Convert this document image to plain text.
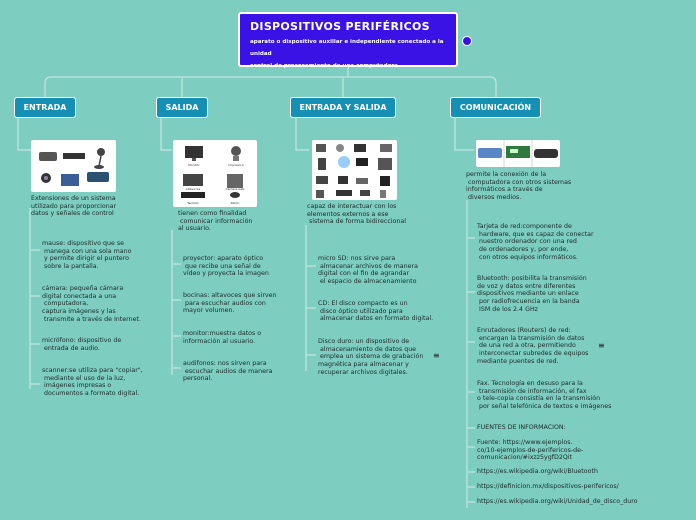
DISPOSITIVOS PERIFÉRICOS
aparato o dispositivo auxiliar e independiente conectado a la unidad
central de procesamiento de una computadora.
ENTRADA	SALIDA	ENTRADA Y SALIDA	COMUNICACIÓN
Monitor	Impresora
Altavoces	Cámara web
Teclado	Ratón
Extensiones de un sistema
utilizado para proporcionar
datos y señales de control
mause: dispositivo que se
manega con una sola mano
y permite dirigir el puntero
sobre la pantalla.
cámara: pequeña cámara
digital conectada a una
computadora,
captura imágenes y las
transmite a través de Internet.
micrófono: dispositivo de
entrada de audio.
scanner:se utiliza para "copiar",
mediante el uso de la luz,
imágenes impresas o
documentos a formato digital.
tienen como finalidad
comunicar información
al usuario.
proyector: aparato óptico
que recibe una señal de
vídeo y proyecta la imagen
bocinas: altavoces que sirven
para escuchar audios con
mayor volumen.
monitor:muestra datos o
información al usuario.
audifonos: nos sirven para
escuchar audios de manera
personal.
capaz de interactuar con los
elementos externos a ese
sistema de forma bidireccional
micro SD: nos sirve para
almacenar archivos de manera
digital con el fin de agrandar
el espacio de almacenamiento
CD: El disco compacto es un
disco óptico utilizado para
almacenar datos en formato digital.
Disco duro: un dispositivo de
almacenamiento de datos que
emplea un sistema de grabación
magnética para almacenar y
recuperar archivos digitales.
≡
permite la conexión de la
computadora con otros sistemas
informáticos a través de
diversos medios.
Tarjeta de red:componente de
hardware, que es capaz de conectar
nuestro ordenador con una red
de ordenadores y, por ende,
con otros equipos informáticos.
Bluetooth: posibilita la transmisión
de voz y datos entre diferentes
dispositivos mediante un enlace
por radiofrecuencia en la banda
ISM de los 2.4 GHz
Enrutadores (Routers) de red:
encargan la transmisión de datos
de una red a otra, permitiendo
interconectar subredes de equipos
mediante puentes de red.
Fax. Tecnología en desuso para la
transmisión de información, el fax
o tele-copia consistía en la transmisión
por señal telefónica de textos e imágenes
≡
FUENTES DE INFORMACION:
Fuente: https://www.ejemplos.
co/10-ejemplos-de-perifericos-de-
comunicacion/#ixzz5ygfD2Qit
https://es.wikipedia.org/wiki/Bluetooth
https://definicion.mx/dispositivos-perifericos/
https://es.wikipedia.org/wiki/Unidad_de_disco_duro
